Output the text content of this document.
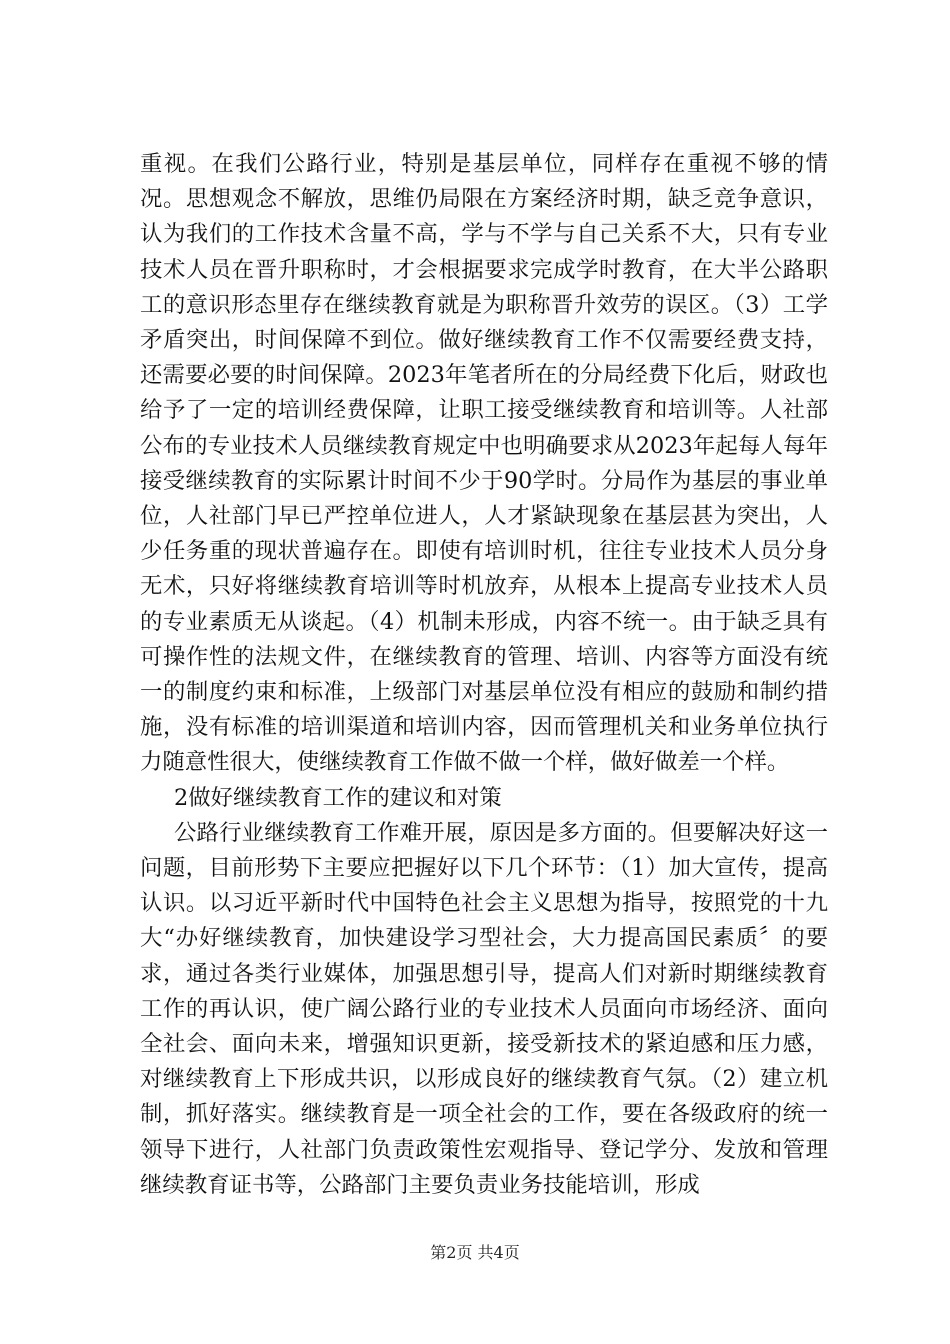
重视。在我们公路行业，特别是基层单位，同样存在重视不够的情况。思想观念不解放，思维仍局限在方案经济时期，缺乏竞争意识，认为我们的工作技术含量不高，学与不学与自己关系不大，只有专业技术人员在晋升职称时，才会根据要求完成学时教育，在大半公路职工的意识形态里存在继续教育就是为职称晋升效劳的误区。（3）工学矛盾突出，时间保障不到位。做好继续教育工作不仅需要经费支持，还需要必要的时间保障。2023年笔者所在的分局经费下化后，财政也给予了一定的培训经费保障，让职工接受继续教育和培训等。人社部公布的专业技术人员继续教育规定中也明确要求从2023年起每人每年接受继续教育的实际累计时间不少于90学时。分局作为基层的事业单位，人社部门早已严控单位进人，人才紧缺现象在基层甚为突出，人少任务重的现状普遍存在。即使有培训时机，往往专业技术人员分身无术，只好将继续教育培训等时机放弃，从根本上提高专业技术人员的专业素质无从谈起。（4）机制未形成，内容不统一。由于缺乏具有可操作性的法规文件，在继续教育的管理、培训、内容等方面没有统一的制度约束和标准，上级部门对基层单位没有相应的鼓励和制约措施，没有标准的培训渠道和培训内容，因而管理机关和业务单位执行力随意性很大，使继续教育工作做不做一个样，做好做差一个样。

2做好继续教育工作的建议和对策

公路行业继续教育工作难开展，原因是多方面的。但要解决好这一问题，目前形势下主要应把握好以下几个环节：（1）加大宣传，提高认识。以习近平新时代中国特色社会主义思想为指导，按照党的十九大“办好继续教育，加快建设学习型社会，大力提高国民素质〞的要求，通过各类行业媒体，加强思想引导，提高人们对新时期继续教育工作的再认识，使广阔公路行业的专业技术人员面向市场经济、面向全社会、面向未来，增强知识更新，接受新技术的紧迫感和压力感，对继续教育上下形成共识，以形成良好的继续教育气氛。（2）建立机制，抓好落实。继续教育是一项全社会的工作，要在各级政府的统一领导下进行，人社部门负责政策性宏观指导、登记学分、发放和管理继续教育证书等，公路部门主要负责业务技能培训，形成

第2页 共4页
